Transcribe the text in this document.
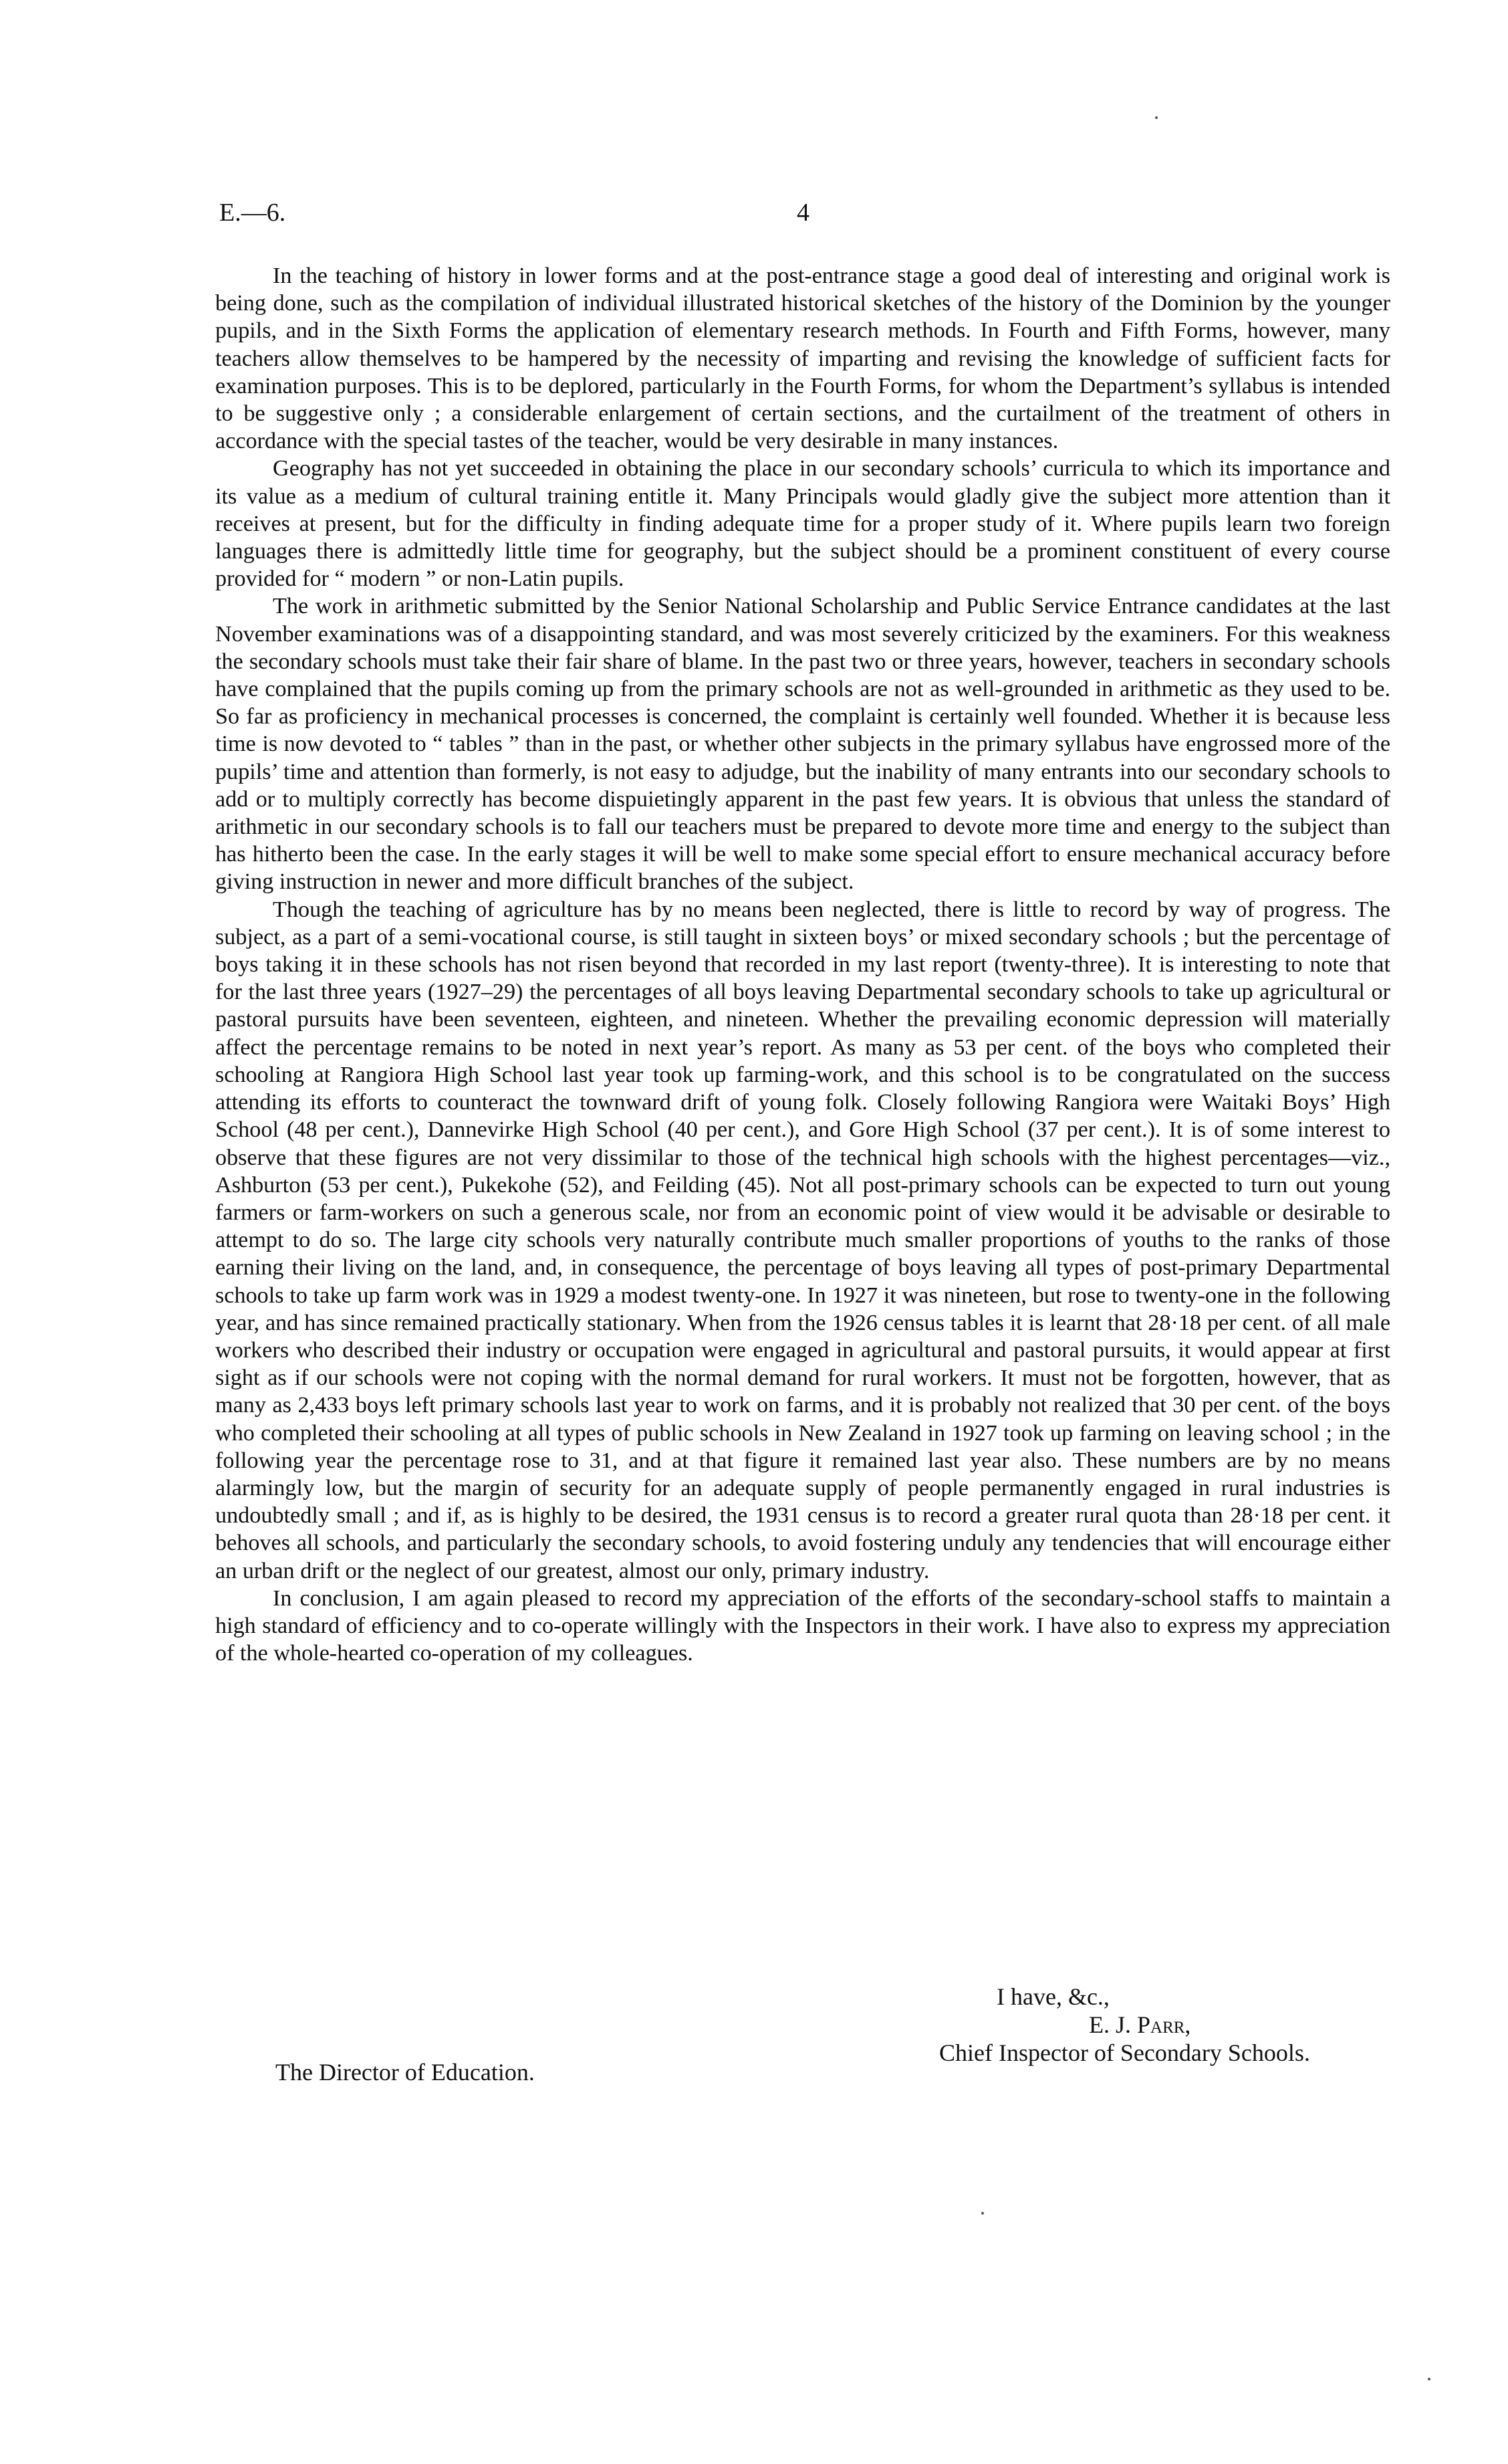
E.—6.	4

In the teaching of history in lower forms and at the post-entrance stage a good deal of interesting and original work is being done, such as the compilation of individual illustrated historical sketches of the history of the Dominion by the younger pupils, and in the Sixth Forms the application of elementary research methods. In Fourth and Fifth Forms, however, many teachers allow themselves to be hampered by the necessity of imparting and revising the knowledge of sufficient facts for examination purposes. This is to be deplored, particularly in the Fourth Forms, for whom the Department’s syllabus is intended to be suggestive only ; a considerable enlargement of certain sections, and the curtailment of the treatment of others in accordance with the special tastes of the teacher, would be very desirable in many instances.

Geography has not yet succeeded in obtaining the place in our secondary schools’ curricula to which its importance and its value as a medium of cultural training entitle it. Many Principals would gladly give the subject more attention than it receives at present, but for the difficulty in finding adequate time for a proper study of it. Where pupils learn two foreign languages there is admittedly little time for geography, but the subject should be a prominent constituent of every course provided for “ modern ” or non-Latin pupils.

The work in arithmetic submitted by the Senior National Scholarship and Public Service Entrance candidates at the last November examinations was of a disappointing standard, and was most severely criticized by the examiners. For this weakness the secondary schools must take their fair share of blame. In the past two or three years, however, teachers in secondary schools have complained that the pupils coming up from the primary schools are not as well-grounded in arithmetic as they used to be. So far as proficiency in mechanical processes is concerned, the complaint is certainly well founded. Whether it is because less time is now devoted to “ tables ” than in the past, or whether other subjects in the primary syllabus have engrossed more of the pupils’ time and attention than formerly, is not easy to adjudge, but the inability of many entrants into our secondary schools to add or to multiply correctly has become dispuietingly apparent in the past few years. It is obvious that unless the standard of arithmetic in our secondary schools is to fall our teachers must be prepared to devote more time and energy to the subject than has hitherto been the case. In the early stages it will be well to make some special effort to ensure mechanical accuracy before giving instruction in newer and more difficult branches of the subject.

Though the teaching of agriculture has by no means been neglected, there is little to record by way of progress. The subject, as a part of a semi-vocational course, is still taught in sixteen boys’ or mixed secondary schools ; but the percentage of boys taking it in these schools has not risen beyond that recorded in my last report (twenty-three). It is interesting to note that for the last three years (1927–29) the percentages of all boys leaving Departmental secondary schools to take up agricultural or pastoral pursuits have been seventeen, eighteen, and nineteen. Whether the prevailing economic depression will materially affect the percentage remains to be noted in next year’s report. As many as 53 per cent. of the boys who completed their schooling at Rangiora High School last year took up farming-work, and this school is to be congratulated on the success attending its efforts to counteract the townward drift of young folk. Closely following Rangiora were Waitaki Boys’ High School (48 per cent.), Dannevirke High School (40 per cent.), and Gore High School (37 per cent.). It is of some interest to observe that these figures are not very dissimilar to those of the technical high schools with the highest percentages—viz., Ashburton (53 per cent.), Pukekohe (52), and Feilding (45). Not all post-primary schools can be expected to turn out young farmers or farm-workers on such a generous scale, nor from an economic point of view would it be advisable or desirable to attempt to do so. The large city schools very naturally contribute much smaller proportions of youths to the ranks of those earning their living on the land, and, in consequence, the percentage of boys leaving all types of post-primary Departmental schools to take up farm work was in 1929 a modest twenty-one. In 1927 it was nineteen, but rose to twenty-one in the following year, and has since remained practically stationary. When from the 1926 census tables it is learnt that 28·18 per cent. of all male workers who described their industry or occupation were engaged in agricultural and pastoral pursuits, it would appear at first sight as if our schools were not coping with the normal demand for rural workers. It must not be forgotten, however, that as many as 2,433 boys left primary schools last year to work on farms, and it is probably not realized that 30 per cent. of the boys who completed their schooling at all types of public schools in New Zealand in 1927 took up farming on leaving school ; in the following year the percentage rose to 31, and at that figure it remained last year also. These numbers are by no means alarmingly low, but the margin of security for an adequate supply of people permanently engaged in rural industries is undoubtedly small ; and if, as is highly to be desired, the 1931 census is to record a greater rural quota than 28·18 per cent. it behoves all schools, and particularly the secondary schools, to avoid fostering unduly any tendencies that will encourage either an urban drift or the neglect of our greatest, almost our only, primary industry.

In conclusion, I am again pleased to record my appreciation of the efforts of the secondary-school staffs to maintain a high standard of efficiency and to co-operate willingly with the Inspectors in their work. I have also to express my appreciation of the whole-hearted co-operation of my colleagues.

I have, &c.,
E. J. Parr,
Chief Inspector of Secondary Schools.
The Director of Education.
